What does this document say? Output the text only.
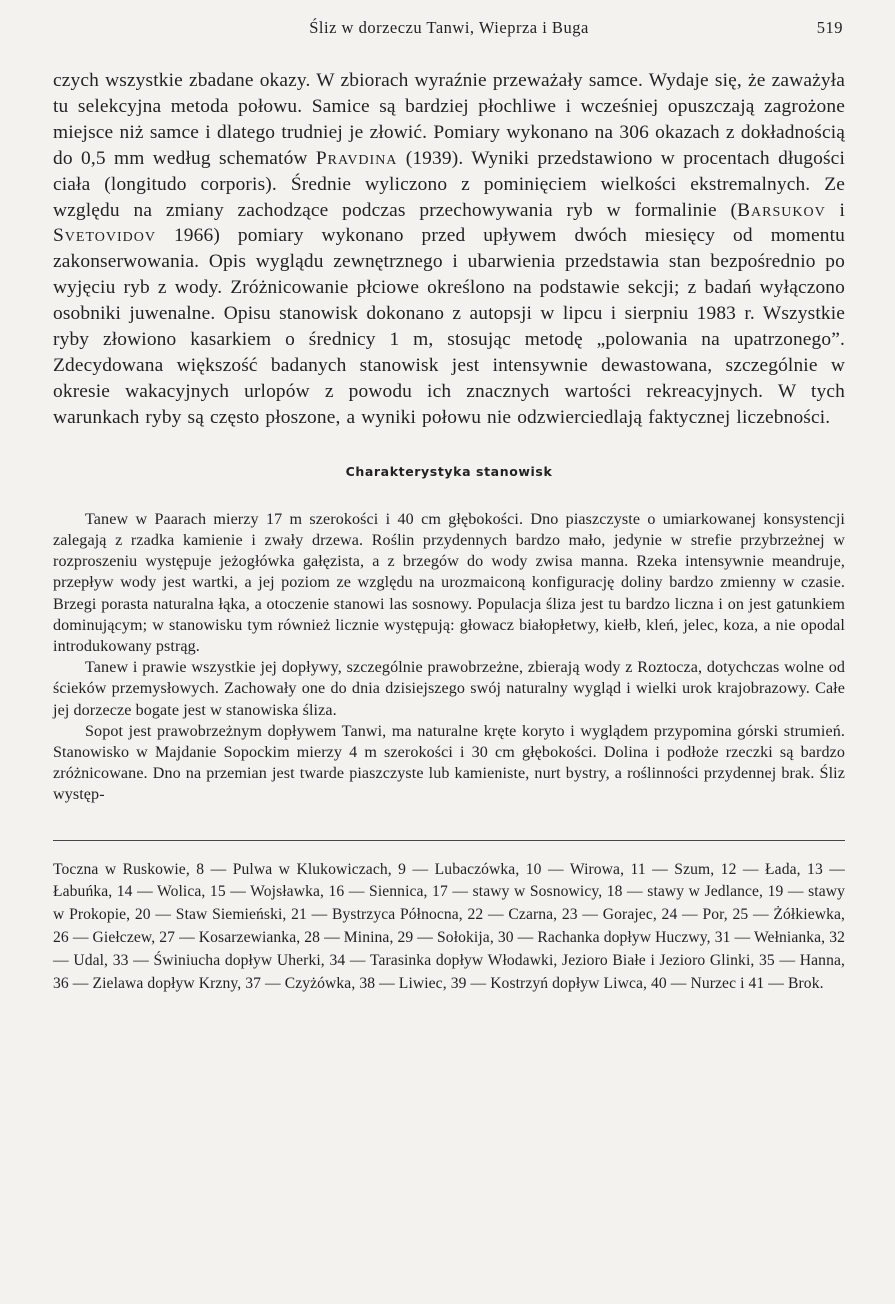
Śliz w dorzeczu Tanwi, Wieprza i Buga	519
czych wszystkie zbadane okazy. W zbiorach wyraźnie przeważały samce. Wydaje się, że zaważyła tu selekcyjna metoda połowu. Samice są bardziej płochliwe i wcześniej opuszczają zagrożone miejsce niż samce i dlatego trudniej je złowić. Pomiary wykonano na 306 okazach z dokładnością do 0,5 mm według schematów Pravdina (1939). Wyniki przedstawiono w procentach długości ciała (longitudo corporis). Średnie wyliczono z pominięciem wielkości ekstremalnych. Ze względu na zmiany zachodzące podczas przechowywania ryb w formalinie (Barsukov i Svetovidov 1966) pomiary wykonano przed upływem dwóch miesięcy od momentu zakonserwowania. Opis wyglądu zewnętrznego i ubarwienia przedstawia stan bezpośrednio po wyjęciu ryb z wody. Zróżnicowanie płciowe określono na podstawie sekcji; z badań wyłączono osobniki juwenalne. Opisu stanowisk dokonano z autopsji w lipcu i sierpniu 1983 r. Wszystkie ryby złowiono kasarkiem o średnicy 1 m, stosując metodę „polowania na upatrzonego”. Zdecydowana większość badanych stanowisk jest intensywnie dewastowana, szczególnie w okresie wakacyjnych urlopów z powodu ich znacznych wartości rekreacyjnych. W tych warunkach ryby są często płoszone, a wyniki połowu nie odzwierciedlają faktycznej liczebności.
Charakterystyka stanowisk

Tanew w Paarach mierzy 17 m szerokości i 40 cm głębokości. Dno piaszczyste o umiarkowanej konsystencji zalegają z rzadka kamienie i zwały drzewa. Roślin przydennych bardzo mało, jedynie w strefie przybrzeżnej w rozproszeniu występuje jeżogłówka gałęzista, a z brzegów do wody zwisa manna. Rzeka intensywnie meandruje, przepływ wody jest wartki, a jej poziom ze względu na urozmaiconą konfigurację doliny bardzo zmienny w czasie. Brzegi porasta naturalna łąka, a otoczenie stanowi las sosnowy. Populacja śliza jest tu bardzo liczna i on jest gatunkiem dominującym; w stanowisku tym również licznie występują: głowacz białopłetwy, kiełb, kleń, jelec, koza, a nie opodal introdukowany pstrąg.

Tanew i prawie wszystkie jej dopływy, szczególnie prawobrzeżne, zbierają wody z Roztocza, dotychczas wolne od ścieków przemysłowych. Zachowały one do dnia dzisiejszego swój naturalny wygląd i wielki urok krajobrazowy. Całe jej dorzecze bogate jest w stanowiska śliza.

Sopot jest prawobrzeżnym dopływem Tanwi, ma naturalne kręte koryto i wyglądem przypomina górski strumień. Stanowisko w Majdanie Sopockim mierzy 4 m szerokości i 30 cm głębokości. Dolina i podłoże rzeczki są bardzo zróżnicowane. Dno na przemian jest twarde piaszczyste lub kamieniste, nurt bystry, a roślinności przydennej brak. Śliz występ-

Toczna w Ruskowie, 8 — Pulwa w Klukowiczach, 9 — Lubaczówka, 10 — Wirowa, 11 — Szum, 12 — Łada, 13 — Łabuńka, 14 — Wolica, 15 — Wojsławka, 16 — Siennica, 17 — stawy w Sosnowicy, 18 — stawy w Jedlance, 19 — stawy w Prokopie, 20 — Staw Siemieński, 21 — Bystrzyca Północna, 22 — Czarna, 23 — Gorajec, 24 — Por, 25 — Żółkiewka, 26 — Giełczew, 27 — Kosarzewianka, 28 — Minina, 29 — Sołokija, 30 — Rachanka dopływ Huczwy, 31 — Wełnianka, 32 — Udal, 33 — Świniucha dopływ Uherki, 34 — Tarasinka dopływ Włodawki, Jezioro Białe i Jezioro Glinki, 35 — Hanna, 36 — Zielawa dopływ Krzny, 37 — Czyżówka, 38 — Liwiec, 39 — Kostrzyń dopływ Liwca, 40 — Nurzec i 41 — Brok.
